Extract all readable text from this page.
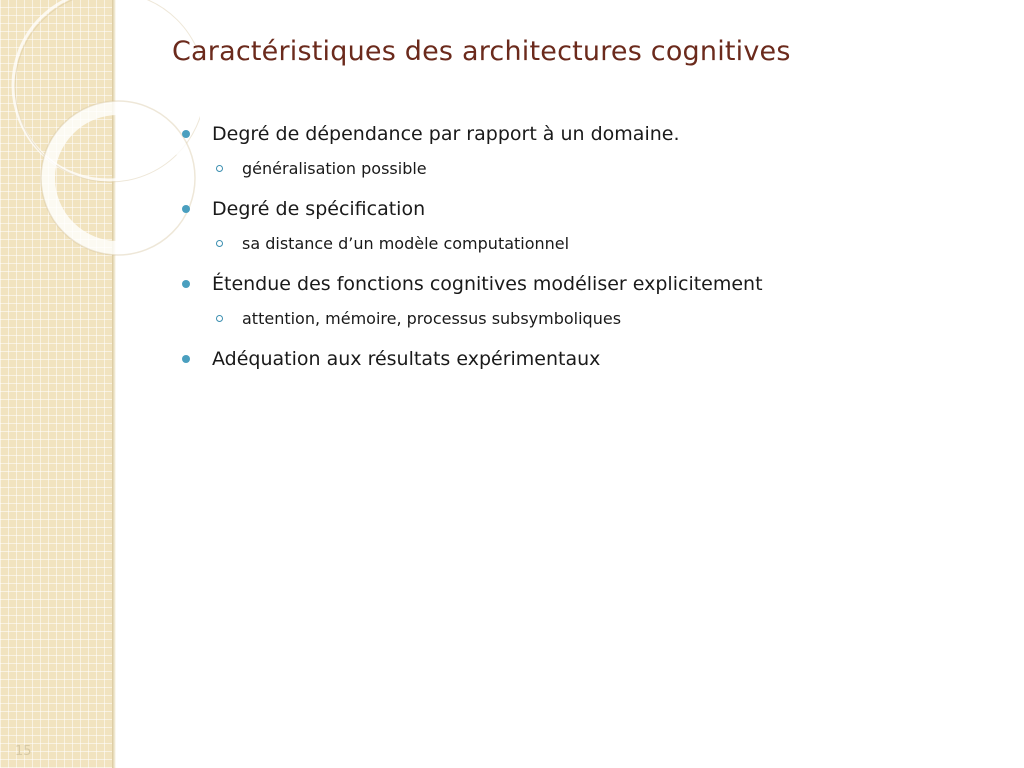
Caractéristiques des architectures cognitives
Degré de dépendance par rapport à un domaine.
généralisation possible
Degré de spécification
sa distance d’un modèle computationnel
Étendue des fonctions cognitives modéliser explicitement
attention, mémoire, processus subsymboliques
Adéquation aux résultats expérimentaux
15
